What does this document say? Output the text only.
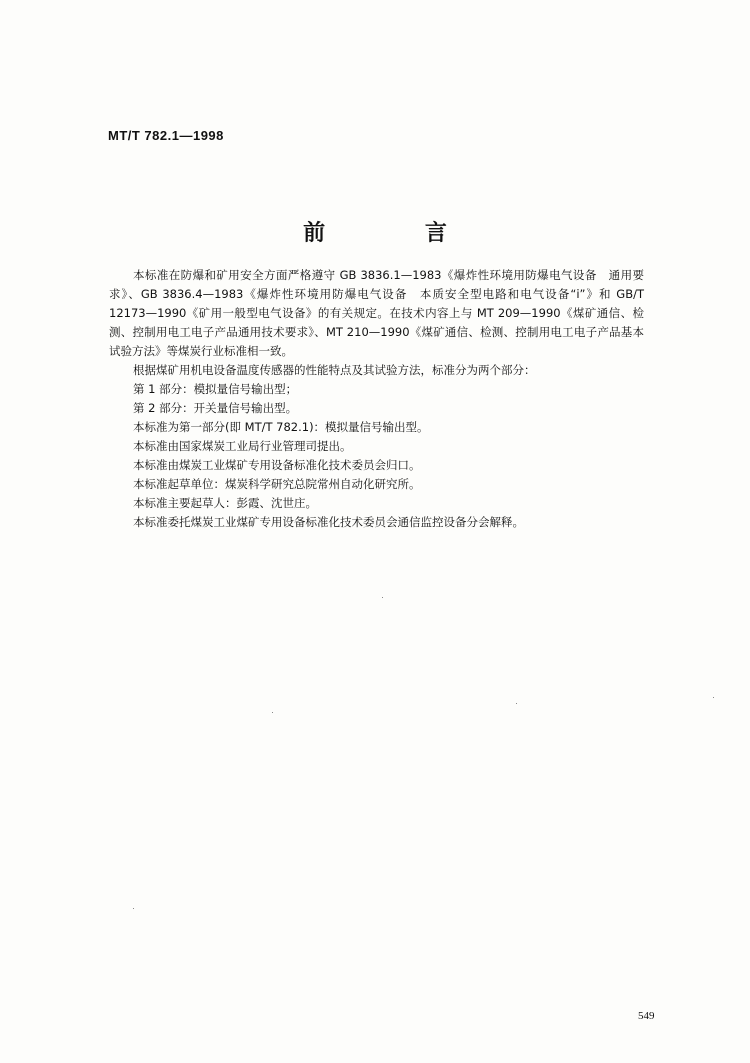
MT/T 782.1—1998
前 言

本标准在防爆和矿用安全方面严格遵守 GB 3836.1—1983《爆炸性环境用防爆电气设备　通用要求》、GB 3836.4—1983《爆炸性环境用防爆电气设备　本质安全型电路和电气设备“i”》和 GB/T 12173—1990《矿用一般型电气设备》的有关规定。在技术内容上与 MT 209—1990《煤矿通信、检测、控制用电工电子产品通用技术要求》、MT 210—1990《煤矿通信、检测、控制用电工电子产品基本试验方法》等煤炭行业标准相一致。

根据煤矿用机电设备温度传感器的性能特点及其试验方法，标准分为两个部分：

第 1 部分：模拟量信号输出型；

第 2 部分：开关量信号输出型。

本标准为第一部分(即 MT/T 782.1)：模拟量信号输出型。

本标准由国家煤炭工业局行业管理司提出。

本标准由煤炭工业煤矿专用设备标准化技术委员会归口。

本标准起草单位：煤炭科学研究总院常州自动化研究所。

本标准主要起草人：彭霞、沈世庄。

本标准委托煤炭工业煤矿专用设备标准化技术委员会通信监控设备分会解释。

549
